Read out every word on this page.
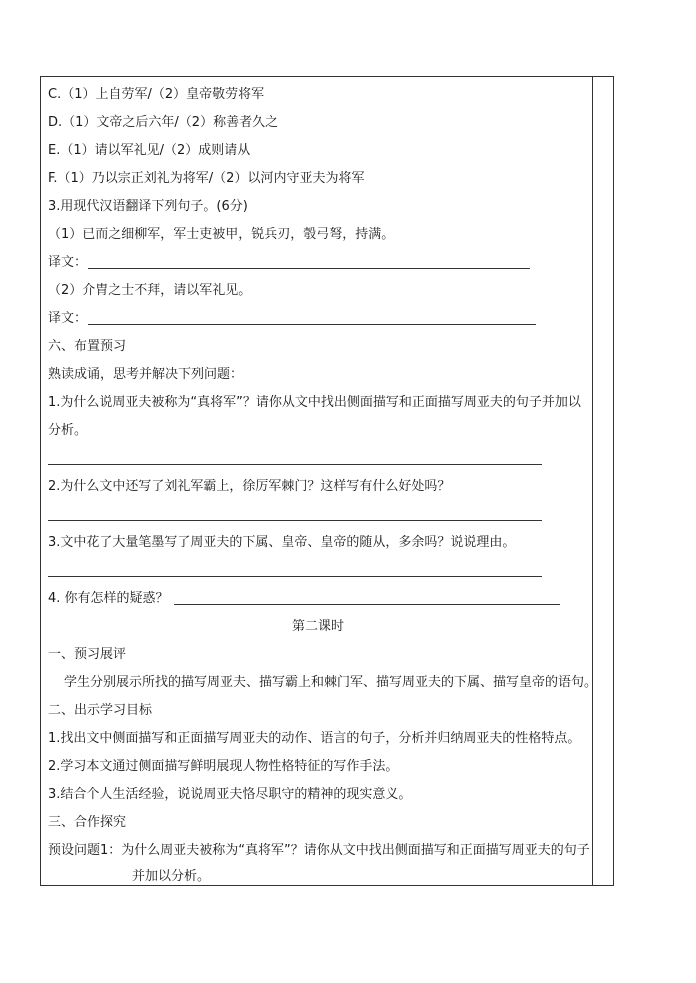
C.（1）上自劳军/（2）皇帝敬劳将军
D.（1）文帝之后六年/（2）称善者久之
E.（1）请以军礼见/（2）成则请从
F.（1）乃以宗正刘礼为将军/（2）以河内守亚夫为将军
3.用现代汉语翻译下列句子。(6分)
（1）已而之细柳军，军士吏被甲，锐兵刃，彀弓弩，持满。
译文：
（2）介胄之士不拜，请以军礼见。
译文：
六、布置预习
熟读成诵，思考并解决下列问题：
1.为什么说周亚夫被称为“真将军”？请你从文中找出侧面描写和正面描写周亚夫的句子并加以
分析。
2.为什么文中还写了刘礼军霸上，徐厉军棘门？这样写有什么好处吗？
3.文中花了大量笔墨写了周亚夫的下属、皇帝、皇帝的随从，多余吗？说说理由。
4. 你有怎样的疑惑？
第二课时
一、预习展评
学生分别展示所找的描写周亚夫、描写霸上和棘门军、描写周亚夫的下属、描写皇帝的语句。
二、出示学习目标
1.找出文中侧面描写和正面描写周亚夫的动作、语言的句子，分析并归纳周亚夫的性格特点。
2.学习本文通过侧面描写鲜明展现人物性格特征的写作手法。
3.结合个人生活经验，说说周亚夫恪尽职守的精神的现实意义。
三、合作探究
预设问题1：为什么周亚夫被称为“真将军”？请你从文中找出侧面描写和正面描写周亚夫的句子
并加以分析。
